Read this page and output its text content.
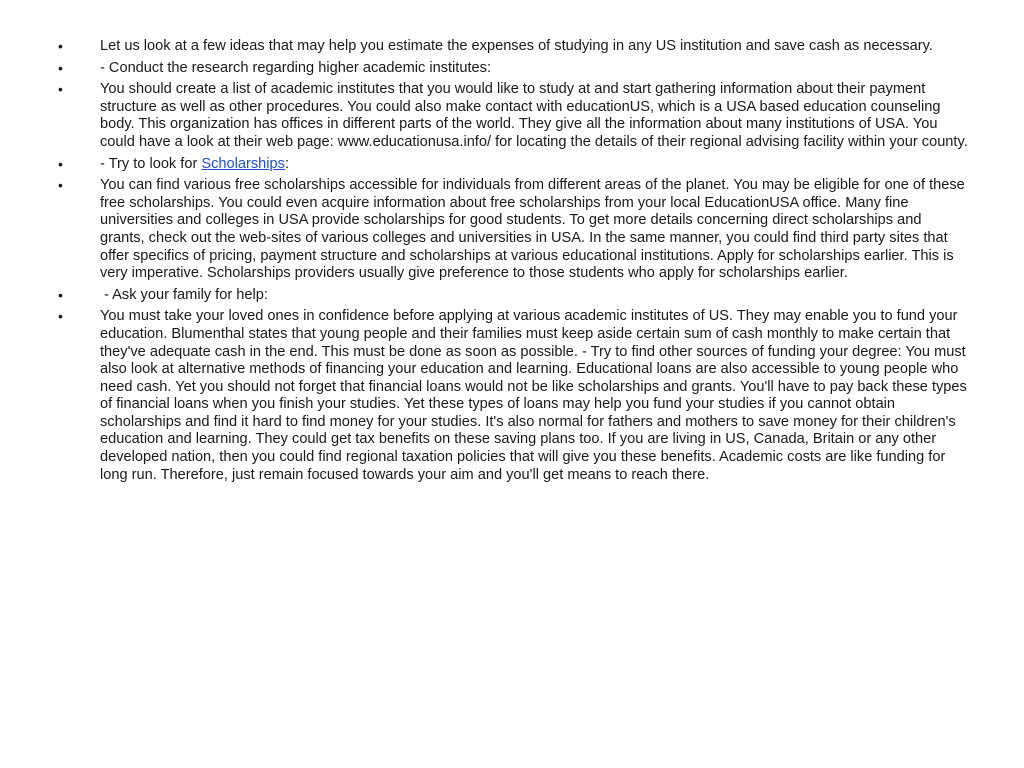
•	Let us look at a few ideas that may help you estimate the expenses of studying in any US institution and save cash as necessary.
•	- Conduct the research regarding higher academic institutes:
•	You should create a list of academic institutes that you would like to study at and start gathering information about their payment structure as well as other procedures. You could also make contact with educationUS, which is a USA based education counseling body. This organization has offices in different parts of the world. They give all the information about many institutions of USA. You could have a look at their web page: www.educationusa.info/ for locating the details of their regional advising facility within your county.
•	- Try to look for Scholarships:
•	You can find various free scholarships accessible for individuals from different areas of the planet. You may be eligible for one of these free scholarships. You could even acquire information about free scholarships from your local EducationUSA office. Many fine universities and colleges in USA provide scholarships for good students. To get more details concerning direct scholarships and grants, check out the web-sites of various colleges and universities in USA. In the same manner, you could find third party sites that offer specifics of pricing, payment structure and scholarships at various educational institutions. Apply for scholarships earlier. This is very imperative. Scholarships providers usually give preference to those students who apply for scholarships earlier.
•	- Ask your family for help:
•	You must take your loved ones in confidence before applying at various academic institutes of US. They may enable you to fund your education. Blumenthal states that young people and their families must keep aside certain sum of cash monthly to make certain that they've adequate cash in the end. This must be done as soon as possible. - Try to find other sources of funding your degree: You must also look at alternative methods of financing your education and learning. Educational loans are also accessible to young people who need cash. Yet you should not forget that financial loans would not be like scholarships and grants. You'll have to pay back these types of financial loans when you finish your studies. Yet these types of loans may help you fund your studies if you cannot obtain scholarships and find it hard to find money for your studies. It's also normal for fathers and mothers to save money for their children's education and learning. They could get tax benefits on these saving plans too. If you are living in US, Canada, Britain or any other developed nation, then you could find regional taxation policies that will give you these benefits. Academic costs are like funding for long run. Therefore, just remain focused towards your aim and you'll get means to reach there.
